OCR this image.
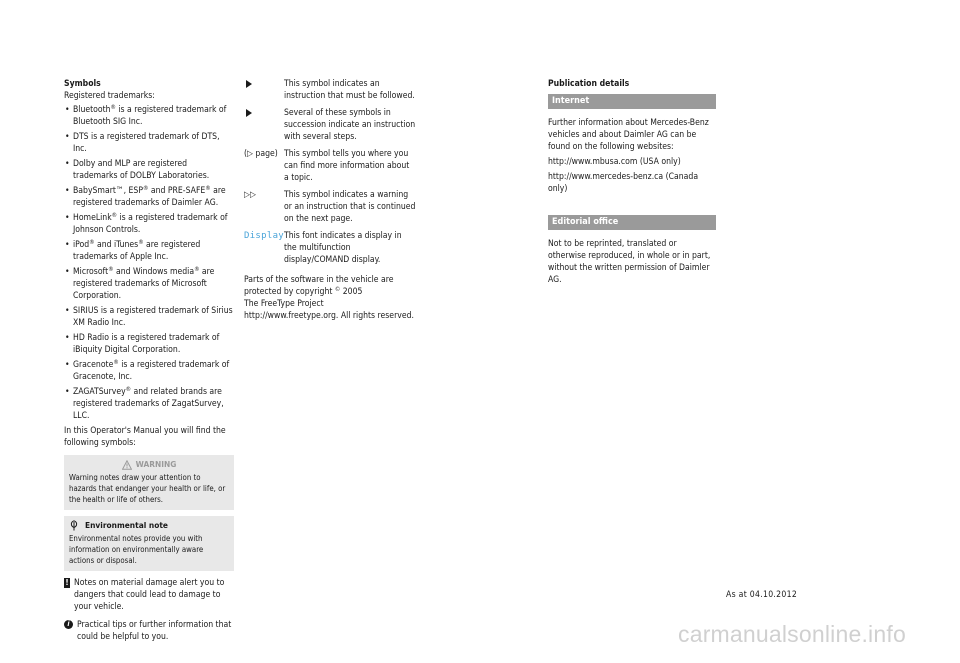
Symbols

Registered trademarks:

• Bluetooth® is a registered trademark of Bluetooth SIG Inc.
• DTS is a registered trademark of DTS, Inc.
• Dolby and MLP are registered trademarks of DOLBY Laboratories.
• BabySmart™, ESP® and PRE-SAFE® are registered trademarks of Daimler AG.
• HomeLink® is a registered trademark of Johnson Controls.
• iPod® and iTunes® are registered trademarks of Apple Inc.
• Microsoft® and Windows media® are registered trademarks of Microsoft Corporation.
• SIRIUS is a registered trademark of Sirius XM Radio Inc.
• HD Radio is a registered trademark of iBiquity Digital Corporation.
• Gracenote® is a registered trademark of Gracenote, Inc.
• ZAGATSurvey® and related brands are registered trademarks of ZagatSurvey, LLC.

In this Operator's Manual you will find the following symbols:

WARNING
Warning notes draw your attention to hazards that endanger your health or life, or the health or life of others.
Environmental note
Environmental notes provide you with information on environmentally aware actions or disposal.
! Notes on material damage alert you to dangers that could lead to damage to your vehicle.
i Practical tips or further information that could be helpful to you.
This symbol indicates an instruction that must be followed.
Several of these symbols in succession indicate an instruction with several steps.
(▷ page) This symbol tells you where you can find more information about a topic.
▷▷	This symbol indicates a warning or an instruction that is continued on the next page.
Display This font indicates a display in the multifunction display/COMAND display.
Parts of the software in the vehicle are protected by copyright © 2005
The FreeType Project
http://www.freetype.org. All rights reserved.
Publication details
Internet

Further information about Mercedes-Benz vehicles and about Daimler AG can be found on the following websites:

http://www.mbusa.com (USA only)

http://www.mercedes-benz.ca (Canada only)

Editorial office

Not to be reprinted, translated or otherwise reproduced, in whole or in part, without the written permission of Daimler AG.

As at 04.10.2012
carmanualsonline.info
